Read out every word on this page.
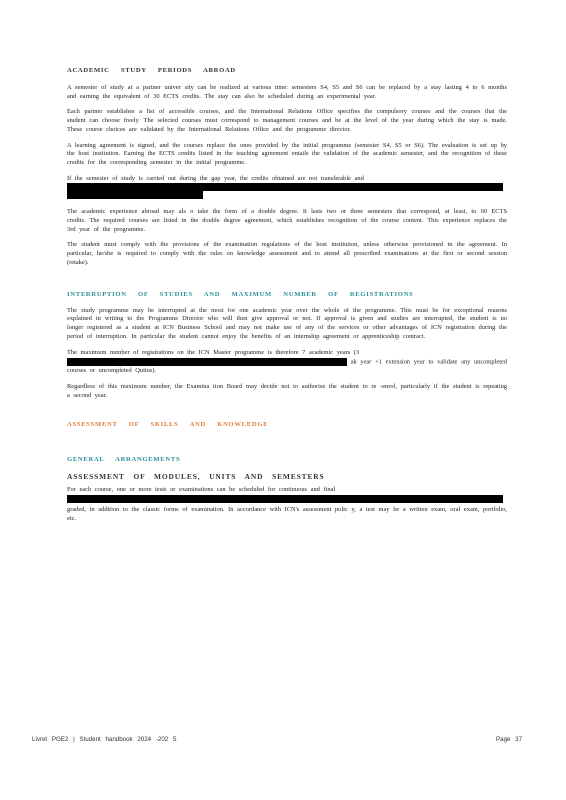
ACADEMIC STUDY PERIODS ABROAD

A semester of study at a partner univer sity can be realized at various time: semesters S4, S5 and S6 can be replaced by a stay lasting 4 to 6 months and earning the equivalent of 30 ECTS credits. The stay can also be scheduled during an experimental year.

Each partner establishes a list of accessible courses, and the International Relations Office specifies the compulsory courses and the courses that the student can choose freely. The selected courses must correspond to management courses and be at the level of the year during which the stay is made. These course choices are validated by the International Relations Office and the programme director.

A learning agreement is signed, and the courses replace the ones provided by the initial programme (semester S4, S5 or S6). The evaluation is set up by the host institution. Earning the ECTS credits listed in the teaching agreement entails the validation of the academic semester, and the recognition of these credits for the corresponding semester in the initial programme.

If the semester of study is carried out during the gap year, the credits obtained are not transferable and

The academic experience abroad may als o take the form of a double degree. It lasts two or three semesters that correspond, at least, to 60 ECTS credits. The required courses are listed in the double degree agreement, which establishes recognition of the course content. This experience replaces the 3rd year of the programme.

The student must comply with the provisions of the examination regulations of the host institution, unless otherwise provisioned in the agreement. In particular, he/she is required to comply with the rules on knowledge assessment and to attend all prescribed examinations at the first or second session (retake).

INTERRUPTION OF STUDIES AND MAXIMUM NUMBER OF REGISTRATIONS

The study programme may be interrupted at the most for one academic year over the whole of the programme. This must be for exceptional reasons explained in writing to the Programme Director who will then give approval or not. If approval is given and studies are interrupted, the student is no longer registered as a student at ICN Business School and may not make use of any of the services or other advantages of ICN registration during the period of interruption. In particular the student cannot enjoy the benefits of an internship agreement or apprenticeship contract.

The maximum number of registrations on the ICN Master programme is therefore 7 academic years (3

ak year +1 extension year to validate any uncompleted courses or uncompleted Quitus).

Regardless of this maximum number, the Examina tion Board may decide not to authorise the student to re -enrol, particularly if the student is repeating a second year.

ASSESSMENT OF SKILLS AND KNOWLEDGE
GENERAL ARRANGEMENTS
ASSESSMENT OF MODULES, UNITS AND SEMESTERS

For each course, one or more tests or examinations can be scheduled for continuous and final

graded, in addition to the classic forms of examination. In accordance with ICN's assessment polic y, a test may be a written exam, oral exam, portfolio, etc.

Livret PGE2 | Student handbook 2024 -202 5	Page 37
